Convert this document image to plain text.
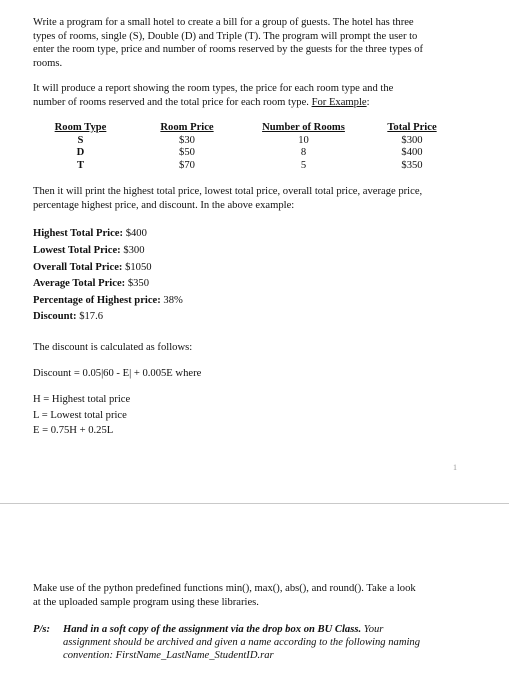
Write a program for a small hotel to create a bill for a group of guests. The hotel has three

types of rooms, single (S), Double (D) and Triple (T). The program will prompt the user to

enter the room type, price and number of rooms reserved by the guests for the three types of

rooms.

It will produce a report showing the room types, the price for each room type and the

number of rooms reserved and the total price for each room type. For Example:

Room Type	Room Price	Number of Rooms	Total Price
S	$30	10	$300
D	$50	8	$400
T	$70	5	$350

Then it will print the highest total price, lowest total price, overall total price, average price,

percentage highest price, and discount. In the above example:

Highest Total Price: $400
Lowest Total Price: $300
Overall Total Price: $1050
Average Total Price: $350
Percentage of Highest price: 38%
Discount: $17.6
The discount is calculated as follows:
Discount = 0.05|60 - E| + 0.005E where

H = Highest total price

L = Lowest total price

E = 0.75H + 0.25L

1

Make use of the python predefined functions min(), max(), abs(), and round(). Take a look

at the uploaded sample program using these libraries.

P/s: Hand in a soft copy of the assignment via the drop box on BU Class. Your

assignment should be archived and given a name according to the following naming

convention: FirstName_LastName_StudentID.rar
